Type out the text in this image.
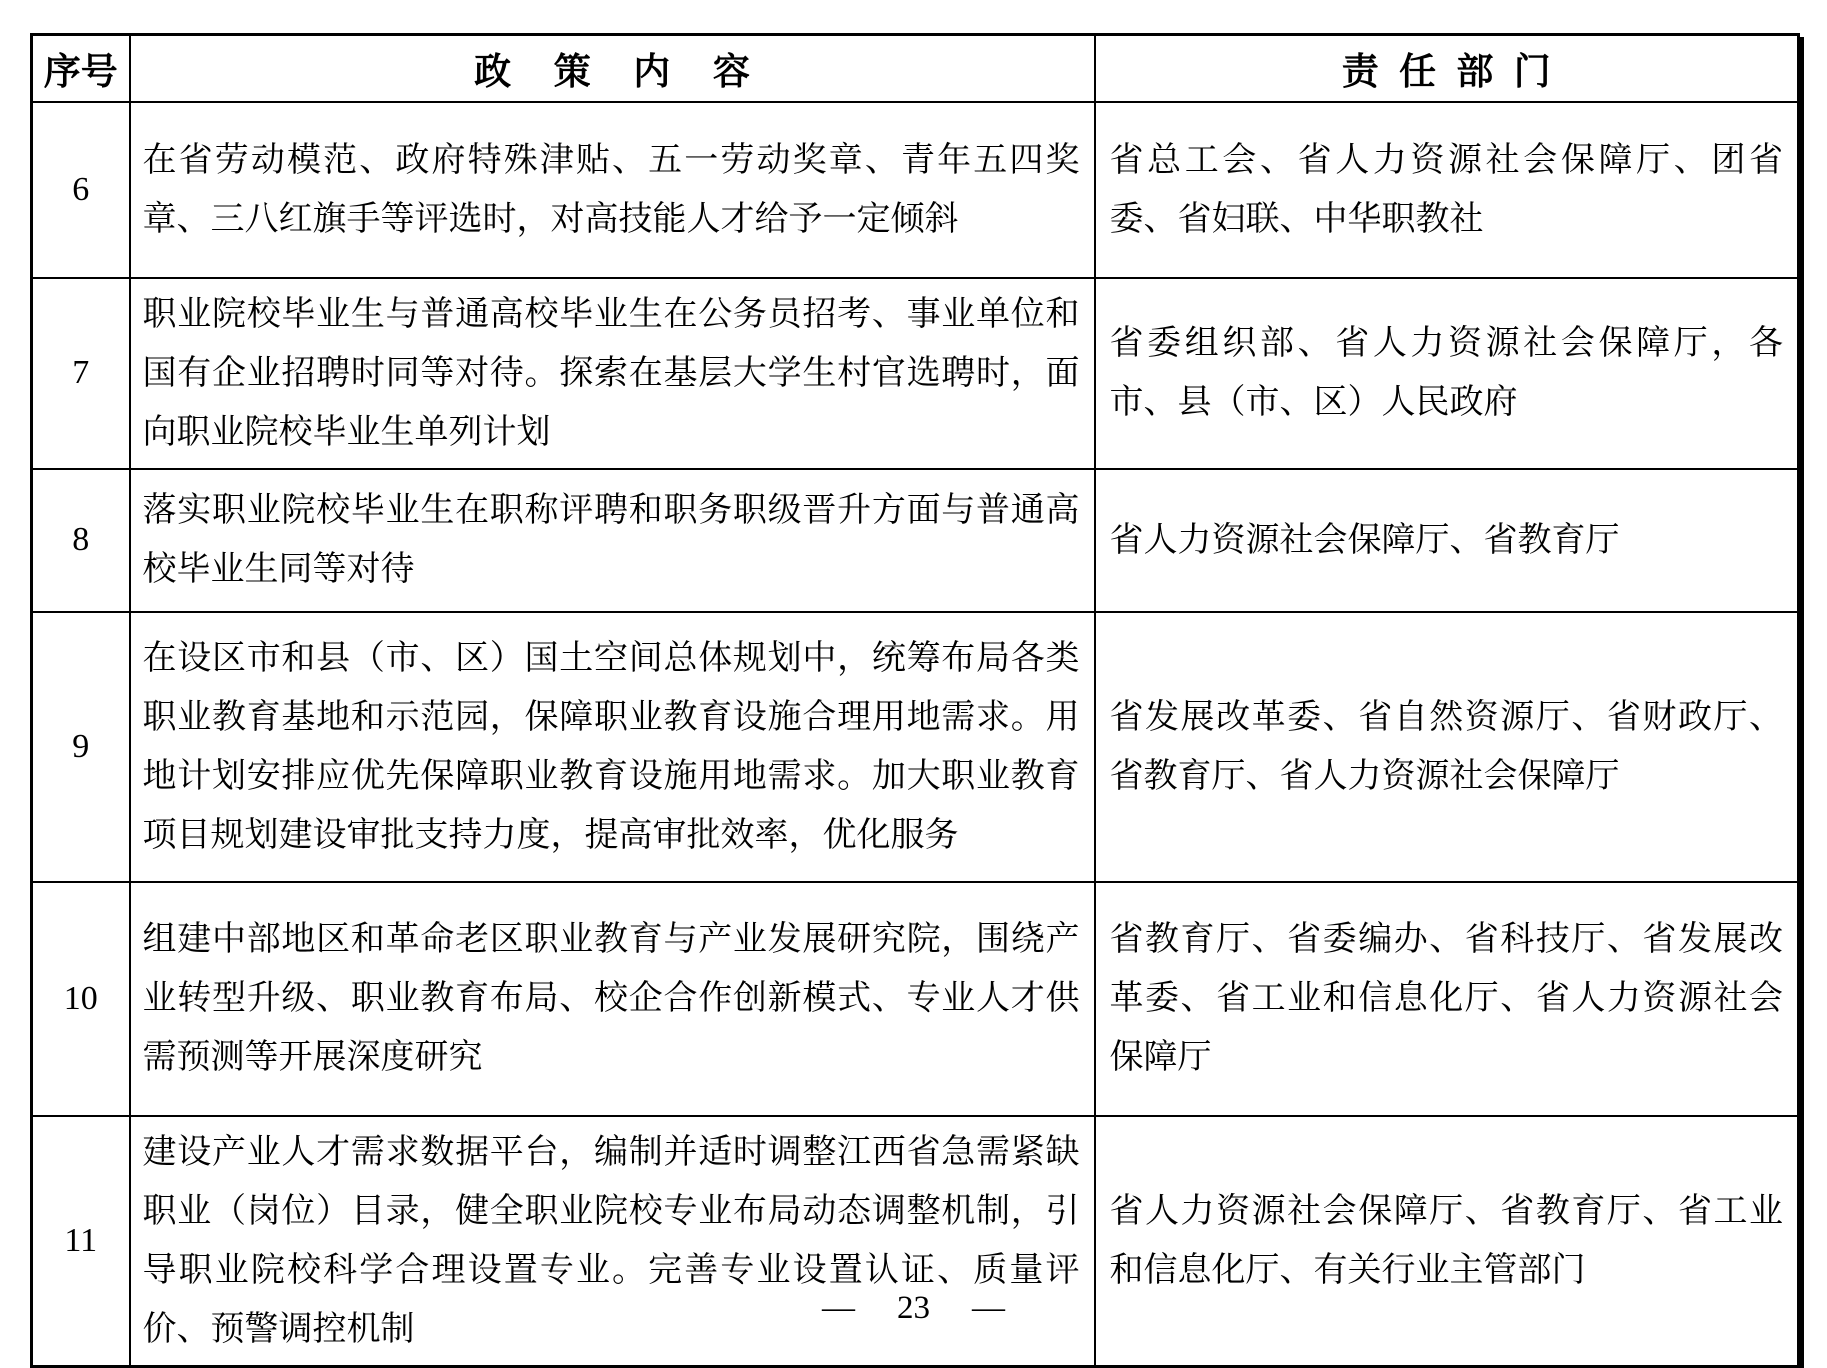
序号	政策内容	责任部门
6	在省劳动模范、政府特殊津贴、五一劳动奖章、青年五四奖章、三八红旗手等评选时，对高技能人才给予一定倾斜	省总工会、省人力资源社会保障厅、团省委、省妇联、中华职教社
7	职业院校毕业生与普通高校毕业生在公务员招考、事业单位和国有企业招聘时同等对待。探索在基层大学生村官选聘时，面向职业院校毕业生单列计划	省委组织部、省人力资源社会保障厅，各市、县（市、区）人民政府
8	落实职业院校毕业生在职称评聘和职务职级晋升方面与普通高校毕业生同等对待	省人力资源社会保障厅、省教育厅
9	在设区市和县（市、区）国土空间总体规划中，统筹布局各类职业教育基地和示范园，保障职业教育设施合理用地需求。用地计划安排应优先保障职业教育设施用地需求。加大职业教育项目规划建设审批支持力度，提高审批效率，优化服务	省发展改革委、省自然资源厅、省财政厅、省教育厅、省人力资源社会保障厅
10	组建中部地区和革命老区职业教育与产业发展研究院，围绕产业转型升级、职业教育布局、校企合作创新模式、专业人才供需预测等开展深度研究	省教育厅、省委编办、省科技厅、省发展改革委、省工业和信息化厅、省人力资源社会保障厅
11	建设产业人才需求数据平台，编制并适时调整江西省急需紧缺职业（岗位）目录，健全职业院校专业布局动态调整机制，引导职业院校科学合理设置专业。完善专业设置认证、质量评价、预警调控机制	省人力资源社会保障厅、省教育厅、省工业和信息化厅、有关行业主管部门
— 23 —
